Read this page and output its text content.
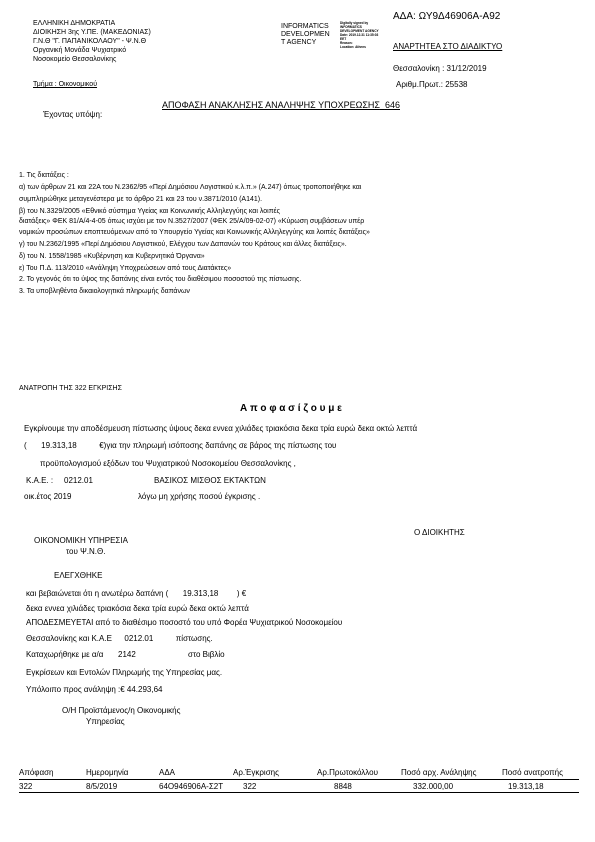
ΑΔΑ: ΩΥ9Δ46906Α-Α92
ΕΛΛΗΝΙΚΗ ΔΗΜΟΚΡΑΤΙΑ
ΔΙΟΙΚΗΣΗ 3ης Υ.ΠΕ. (ΜΑΚΕΔΟΝΙΑΣ)
Γ.Ν.Θ "Γ. ΠΑΠΑΝΙΚΟΛΑΟΥ" - Ψ.Ν.Θ
Οργανική Μονάδα Ψυχιατρικό
Νοσοκομείο Θεσσαλονίκης
Τμήμα : Οικονομικού
INFORMATICS
DEVELOPMEN
T AGENCY
Digitally signed by
INFORMATICS
DEVELOPMENT AGENCY
Date: 2019.12.31 11:35:03
EET
Reason:
Location: Athens	ΑΝΑΡΤΗΤΕΑ ΣΤΟ ΔΙΑΔΙΚΤΥΟ
Θεσσαλονίκη : 31/12/2019
Αριθμ.Πρωτ.: 25538
ΑΠΟΦΑΣΗ ΑΝΑΚΛΗΣΗΣ ΑΝΑΛΗΨΗΣ ΥΠΟΧΡΕΩΣΗΣ 646
Έχοντας υπόψη:
1. Τις διατάξεις :
α) των άρθρων 21 και 22Α του Ν.2362/95 «Περί Δημόσιου Λογιστικού κ.λ.π.» (Α.247) όπως τροποποιήθηκε και
συμπληρώθηκε μεταγενέστερα με το άρθρο 21 και 23 του ν.3871/2010 (Α141).
β) του Ν.3329/2005 «Εθνικό σύστημα Υγείας και Κοινωνικής Αλληλεγγύης και λοιπές
διατάξεις» ΦΕΚ 81/Α/4-4-05 όπως ισχύει με τον Ν.3527/2007 (ΦΕΚ 25/Α/09-02-07) «Κύρωση συμβάσεων υπέρ
νομικών προσώπων εποπτευόμενων από το Υπουργείο Υγείας και Κοινωνικής Αλληλεγγύης και λοιπές διατάξεις»
γ) του Ν.2362/1995 «Περί Δημόσιου Λογιστικού, Ελέγχου των Δαπανών του Κράτους και άλλες διατάξεις».
δ) του Ν. 1558/1985 «Κυβέρνηση και Κυβερνητικά Όργανα»
ε) Του Π.Δ. 113/2010 «Ανάληψη Υποχρεώσεων από τους Διατάκτες»
2. Το γεγονός ότι το ύψος της δαπάνης είναι εντός του διαθέσιμου ποσοστού της πίστωσης.
3. Τα υποβληθέντα δικαιολογητικά πληρωμής δαπάνων
ΑΝΑΤΡΟΠΗ ΤΗΣ 322 ΕΓΚΡΙΣΗΣ
Α π ο φ α σ ί ζ ο υ μ ε
Εγκρίνουμε την αποδέσμευση πίστωσης ύψους δεκα εννεα χιλιάδες τριακόσια δεκα τρία ευρώ δεκα οκτώ λεπτά
( 19.313,18	€)για την πληρωμή ισόποσης δαπάνης σε βάρος της πίστωσης του
προϋπολογισμού εξόδων του Ψυχιατρικού Νοσοκομείου Θεσσαλονίκης ,
Κ.Α.Ε. : 0212.01	ΒΑΣΙΚΟΣ ΜΙΣΘΟΣ ΕΚΤΑΚΤΩΝ
οικ.έτος 2019	λόγω μη χρήσης ποσού έγκρισης .
Ο ΔΙΟΙΚΗΤΗΣ
ΟΙΚΟΝΟΜΙΚΗ ΥΠΗΡΕΣΙΑ
του Ψ.Ν.Θ.
ΕΛΕΓΧΘΗΚΕ
και βεβαιώνεται ότι η ανωτέρω δαπάνη ( 19.313,18 ) €
δεκα εννεα χιλιάδες τριακόσια δεκα τρία ευρώ δεκα οκτώ λεπτά
ΑΠΟΔΕΣΜΕΥΕΤΑΙ από το διαθέσιμο ποσοστό του υπό Φορέα Ψυχιατρικού Νοσοκομείου
Θεσσαλονίκης και Κ.Α.Ε 0212.01	πίστωσης.
Καταχωρήθηκε με α/α 2142	στο Βιβλίο
Εγκρίσεων και Εντολών Πληρωμής της Υπηρεσίας μας.
Υπόλοιπο προς ανάληψη :€ 44.293,64
Ο/Η Προϊστάμενος/η Οικονομικής
Υπηρεσίας
Απόφαση	Ημερομηνία	ΑΔΑ	Αρ.Έγκρισης	Αρ.Πρωτοκόλλου	Ποσό αρχ. Ανάληψης	Ποσό ανατροπής
322	8/5/2019	64Ο946906Α-Σ2Τ 322	8848	332.000,00	19.313,18
